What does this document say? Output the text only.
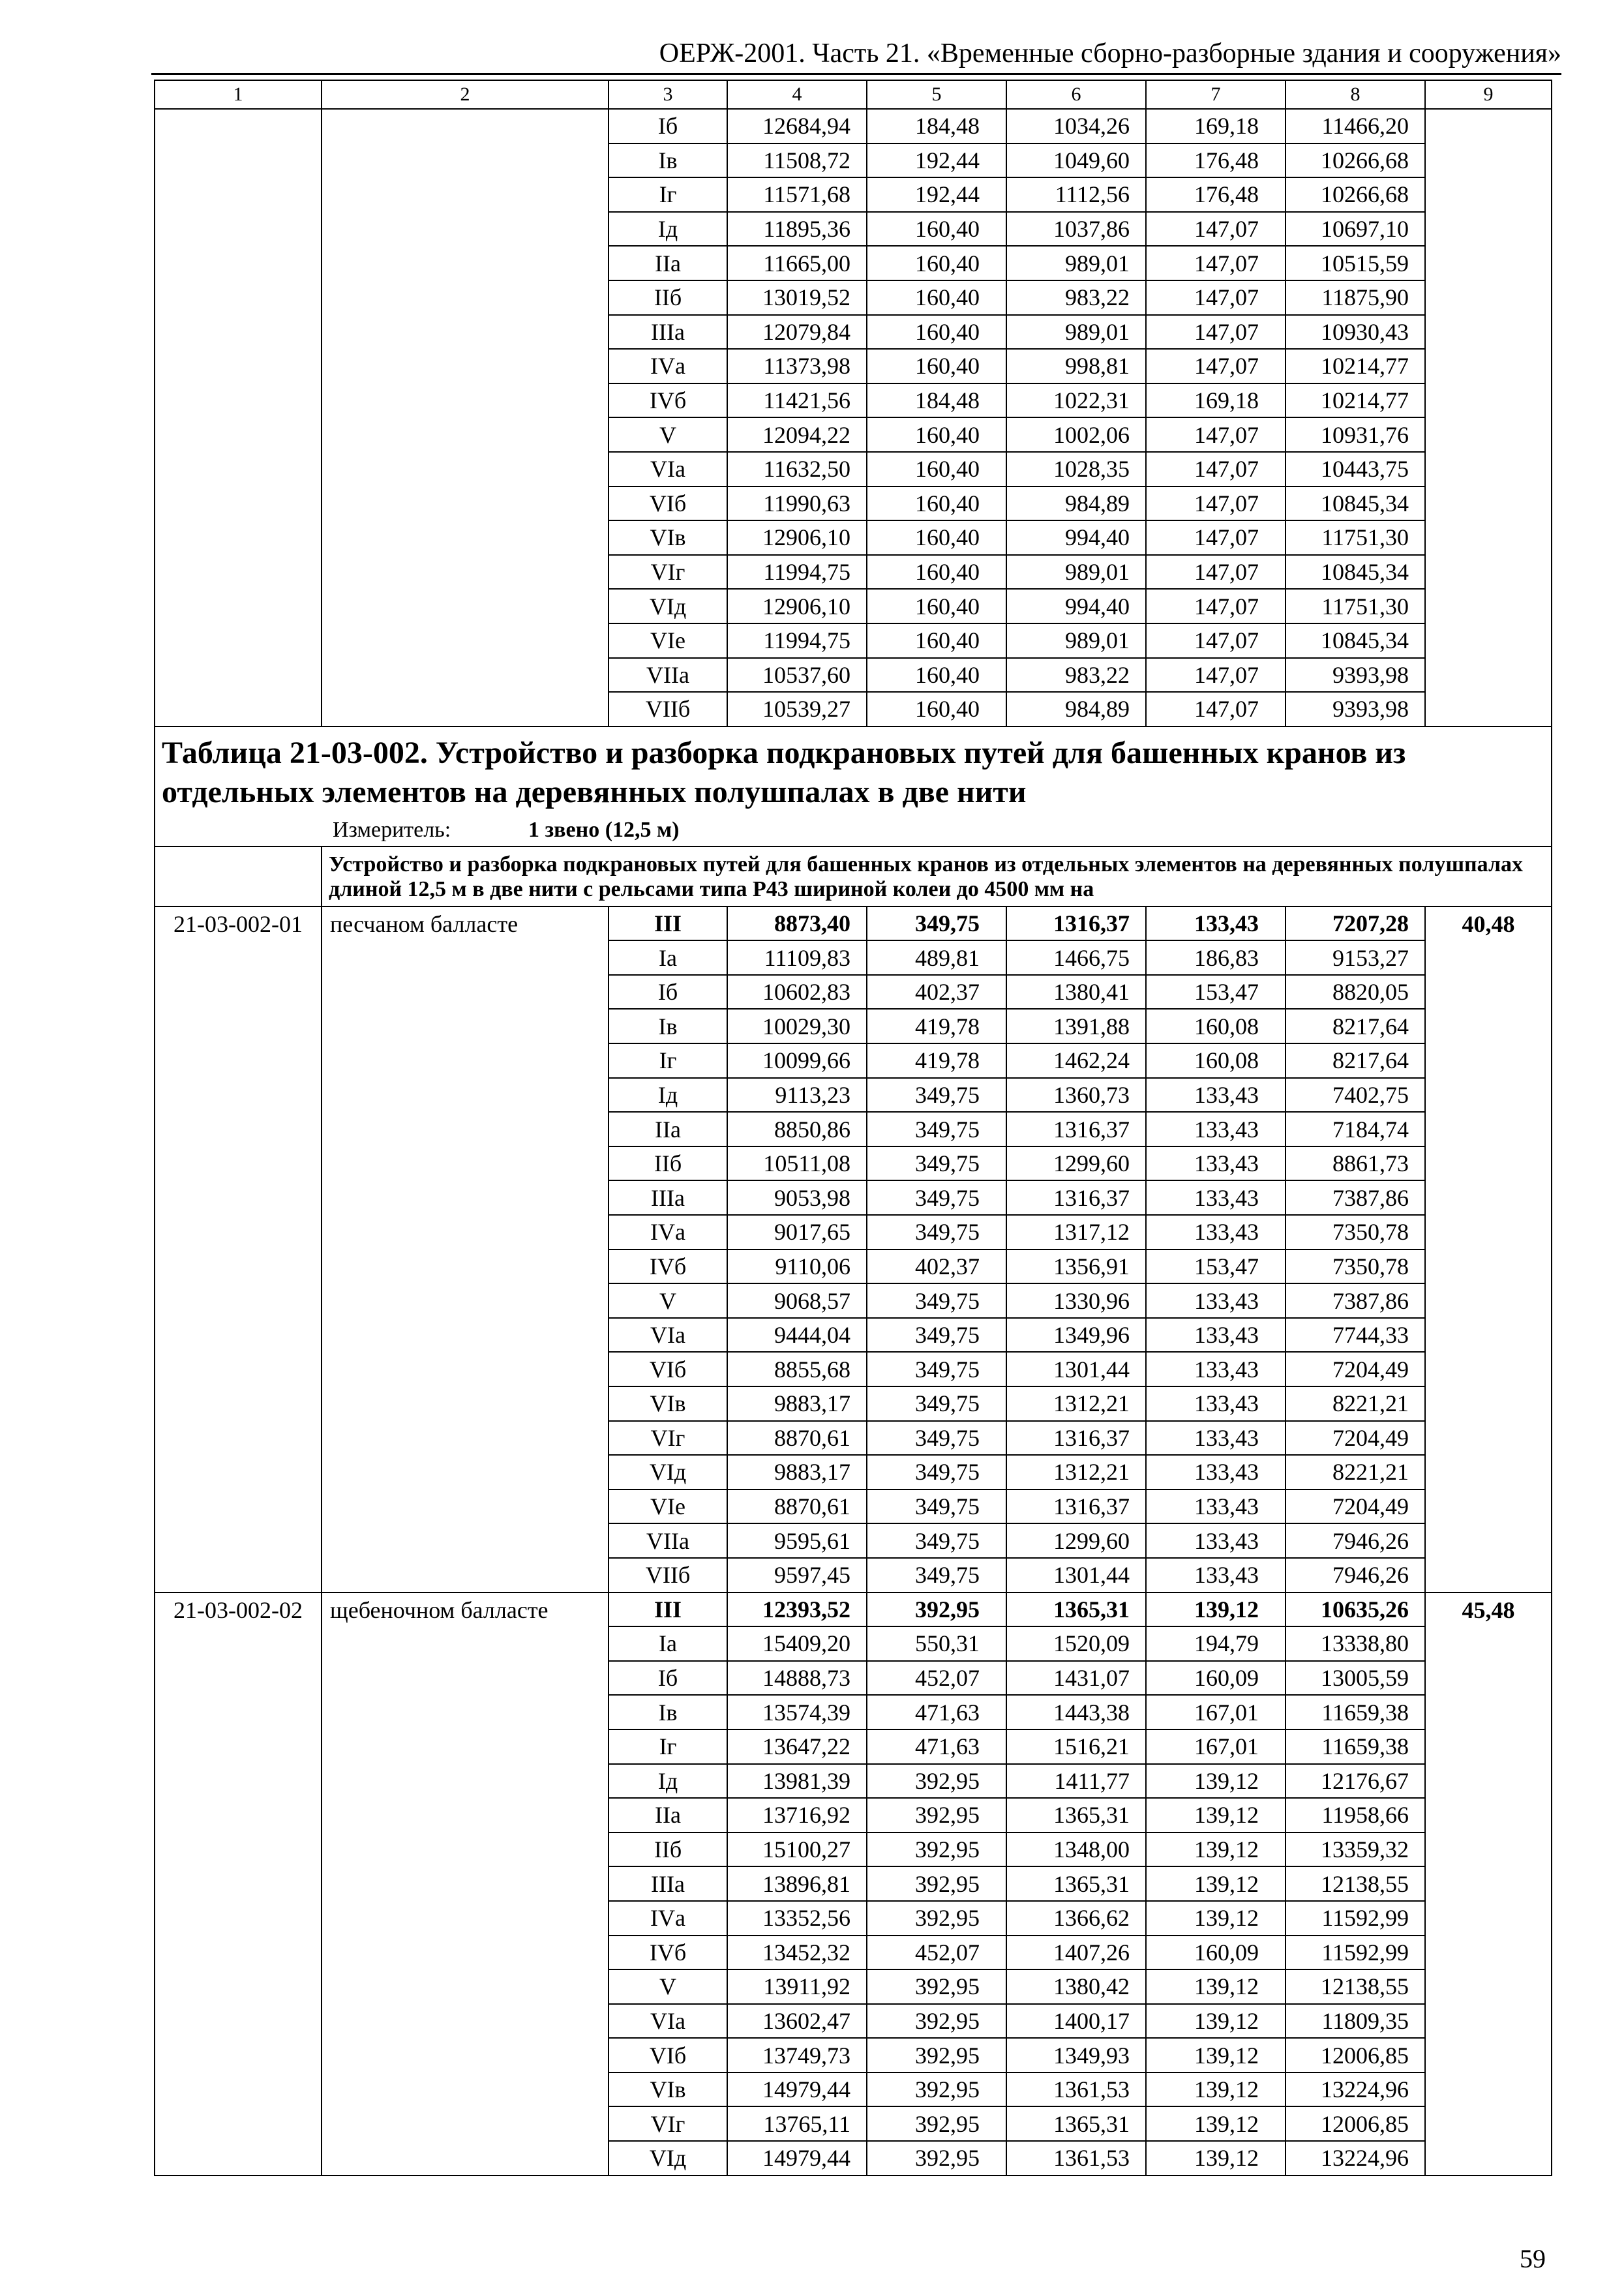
ОЕРЖ-2001. Часть 21. «Временные сборно-разборные здания и сооружения»
1	2	3	4	5	6	7	8	9
		Iб	12684,94	184,48	1034,26	169,18	11466,20	
		Iв	11508,72	192,44	1049,60	176,48	10266,68	
		Iг	11571,68	192,44	1112,56	176,48	10266,68	
		Iд	11895,36	160,40	1037,86	147,07	10697,10	
		IIа	11665,00	160,40	989,01	147,07	10515,59	
		IIб	13019,52	160,40	983,22	147,07	11875,90	
		IIIа	12079,84	160,40	989,01	147,07	10930,43	
		IVа	11373,98	160,40	998,81	147,07	10214,77	
		IVб	11421,56	184,48	1022,31	169,18	10214,77	
		V	12094,22	160,40	1002,06	147,07	10931,76	
		VIа	11632,50	160,40	1028,35	147,07	10443,75	
		VIб	11990,63	160,40	984,89	147,07	10845,34	
		VIв	12906,10	160,40	994,40	147,07	11751,30	
		VIг	11994,75	160,40	989,01	147,07	10845,34	
		VIд	12906,10	160,40	994,40	147,07	11751,30	
		VIе	11994,75	160,40	989,01	147,07	10845,34	
		VIIа	10537,60	160,40	983,22	147,07	9393,98	
		VIIб	10539,27	160,40	984,89	147,07	9393,98	

Таблица 21-03-002. Устройство и разборка подкрановых путей для башенных кранов из отдельных элементов на деревянных полушпалах в две нити
Измеритель: 1 звено (12,5 м)								

	Устройство и разборка подкрановых путей для башенных кранов из отдельных элементов на деревянных полушпалах длиной 12,5 м в две нити с рельсами типа Р43 шириной колеи до 4500 мм на							
21-03-002-01	песчаном балласте	III	8873,40	349,75	1316,37	133,43	7207,28	40,48
		Iа	11109,83	489,81	1466,75	186,83	9153,27	
		Iб	10602,83	402,37	1380,41	153,47	8820,05	
		Iв	10029,30	419,78	1391,88	160,08	8217,64	
		Iг	10099,66	419,78	1462,24	160,08	8217,64	
		Iд	9113,23	349,75	1360,73	133,43	7402,75	
		IIа	8850,86	349,75	1316,37	133,43	7184,74	
		IIб	10511,08	349,75	1299,60	133,43	8861,73	
		IIIа	9053,98	349,75	1316,37	133,43	7387,86	
		IVа	9017,65	349,75	1317,12	133,43	7350,78	
		IVб	9110,06	402,37	1356,91	153,47	7350,78	
		V	9068,57	349,75	1330,96	133,43	7387,86	
		VIа	9444,04	349,75	1349,96	133,43	7744,33	
		VIб	8855,68	349,75	1301,44	133,43	7204,49	
		VIв	9883,17	349,75	1312,21	133,43	8221,21	
		VIг	8870,61	349,75	1316,37	133,43	7204,49	
		VIд	9883,17	349,75	1312,21	133,43	8221,21	
		VIе	8870,61	349,75	1316,37	133,43	7204,49	
		VIIа	9595,61	349,75	1299,60	133,43	7946,26	
		VIIб	9597,45	349,75	1301,44	133,43	7946,26	
21-03-002-02	щебеночном балласте	III	12393,52	392,95	1365,31	139,12	10635,26	45,48
		Iа	15409,20	550,31	1520,09	194,79	13338,80	
		Iб	14888,73	452,07	1431,07	160,09	13005,59	
		Iв	13574,39	471,63	1443,38	167,01	11659,38	
		Iг	13647,22	471,63	1516,21	167,01	11659,38	
		Iд	13981,39	392,95	1411,77	139,12	12176,67	
		IIа	13716,92	392,95	1365,31	139,12	11958,66	
		IIб	15100,27	392,95	1348,00	139,12	13359,32	
		IIIа	13896,81	392,95	1365,31	139,12	12138,55	
		IVа	13352,56	392,95	1366,62	139,12	11592,99	
		IVб	13452,32	452,07	1407,26	160,09	11592,99	
		V	13911,92	392,95	1380,42	139,12	12138,55	
		VIа	13602,47	392,95	1400,17	139,12	11809,35	
		VIб	13749,73	392,95	1349,93	139,12	12006,85	
		VIв	14979,44	392,95	1361,53	139,12	13224,96	
		VIг	13765,11	392,95	1365,31	139,12	12006,85	
		VIд	14979,44	392,95	1361,53	139,12	13224,96	
59
